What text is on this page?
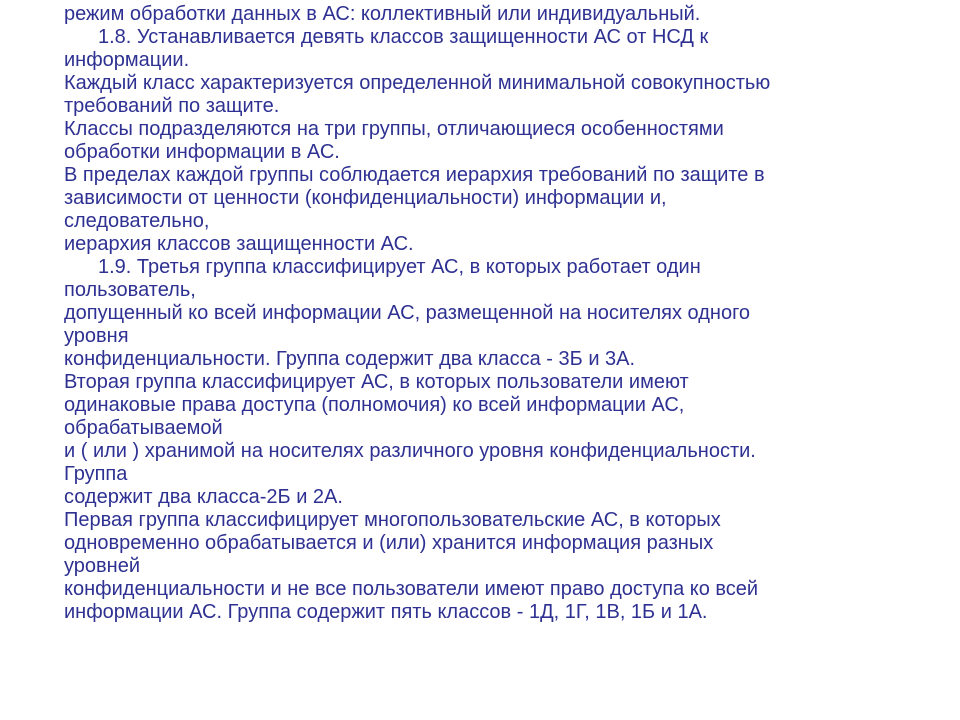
режим обработки данных в АС: коллективный или индивидуальный.
1.8. Устанавливается девять классов защищенности АС от НСД к
информации.
Каждый класс характеризуется определенной минимальной совокупностью
требований по защите.
Классы подразделяются на три группы, отличающиеся особенностями
обработки информации в АС.
В пределах каждой группы соблюдается иерархия требований по защите в
зависимости от ценности (конфиденциальности) информации и,
следовательно,
иерархия классов защищенности АС.
1.9. Третья группа классифицирует АС, в которых работает один
пользователь,
допущенный ко всей информации АС, размещенной на носителях одного
уровня
конфиденциальности. Группа содержит два класса - 3Б и 3А.
Вторая группа классифицирует АС, в которых пользователи имеют
одинаковые права доступа (полномочия) ко всей информации АС,
обрабатываемой
и ( или ) хранимой на носителях различного уровня конфиденциальности.
Группа
содержит два класса-2Б и 2А.
Первая группа классифицирует многопользовательские АС, в которых
одновременно обрабатывается и (или) хранится информация разных
уровней
конфиденциальности и не все пользователи имеют право доступа ко всей
информации АС. Группа содержит пять классов - 1Д, 1Г, 1В, 1Б и 1А.
